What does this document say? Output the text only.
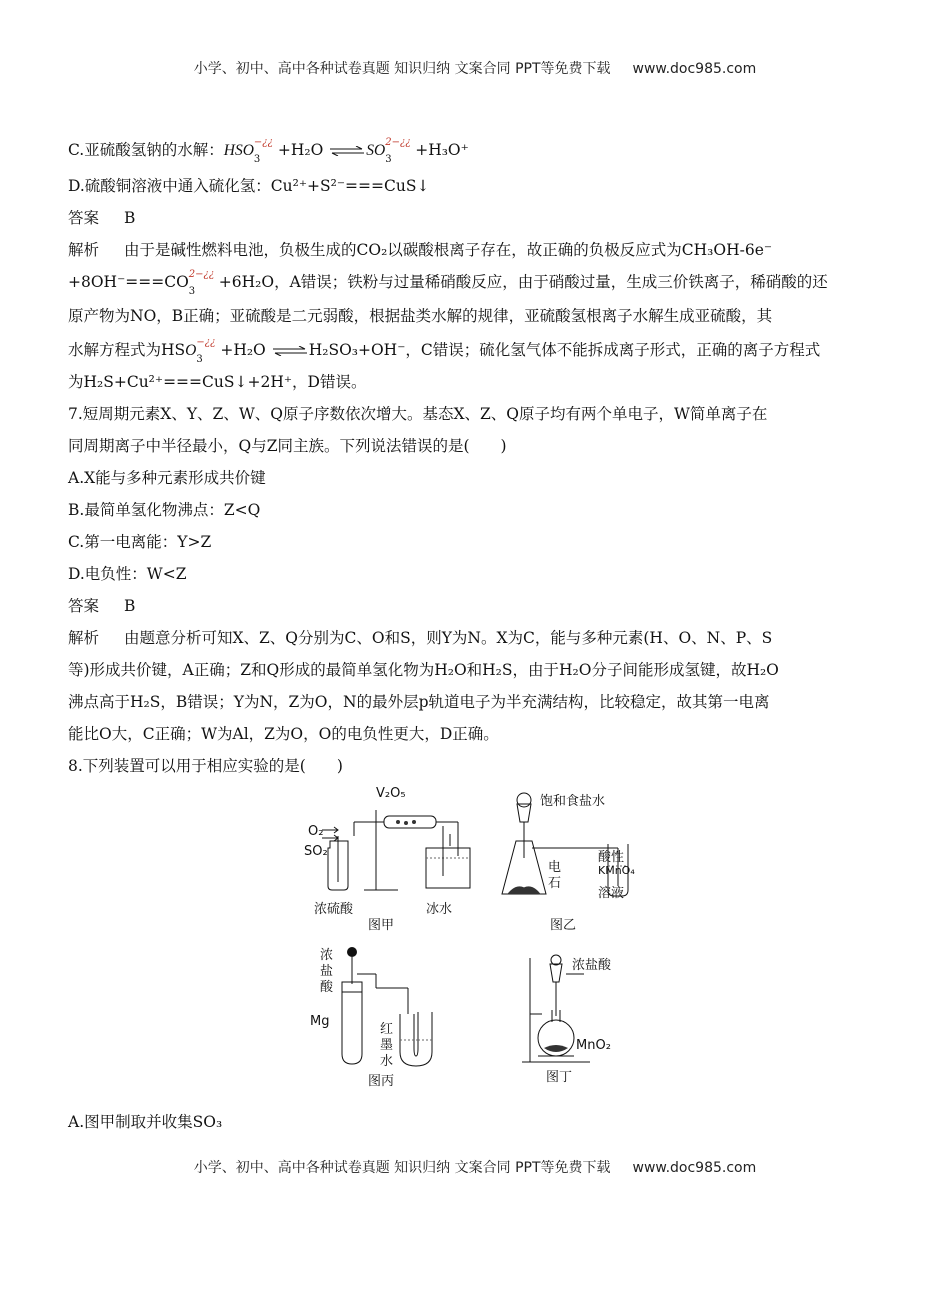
小学、初中、高中各种试卷真题 知识归纳 文案合同 PPT等免费下载 www.doc985.com
C.亚硫酸氢钠的水解：HSO −¿¿
3
+H₂O ⇌ SO 2−¿¿
3
+H₃O⁺
D.硫酸铜溶液中通入硫化氢：Cu²⁺+S²⁻===CuS↓
答案 B
解析 由于是碱性燃料电池，负极生成的CO₂以碳酸根离子存在，故正确的负极反应式为CH₃OH-6e⁻
+8OH⁻===CO 2−¿¿
3
+6H₂O，A错误；铁粉与过量稀硝酸反应，由于硝酸过量，生成三价铁离子，稀硝酸的还
原产物为NO，B正确；亚硫酸是二元弱酸，根据盐类水解的规律，亚硫酸氢根离子水解生成亚硫酸，其
水解方程式为HSO −¿¿
3
+H₂O ⇌ H₂SO₃+OH⁻，C错误；硫化氢气体不能拆成离子形式，正确的离子方程式
为H₂S+Cu²⁺===CuS↓+2H⁺，D错误。
7.短周期元素X、Y、Z、W、Q原子序数依次增大。基态X、Z、Q原子均有两个单电子，W简单离子在
同周期离子中半径最小，Q与Z同主族。下列说法错误的是(　　)
A.X能与多种元素形成共价键
B.最简单氢化物沸点：Z<Q
C.第一电离能：Y>Z
D.电负性：W<Z
答案 B
解析 由题意分析可知X、Z、Q分别为C、O和S，则Y为N。X为C，能与多种元素(H、O、N、P、S
等)形成共价键，A正确；Z和Q形成的最简单氢化物为H₂O和H₂S，由于H₂O分子间能形成氢键，故H₂O
沸点高于H₂S，B错误；Y为N，Z为O，N的最外层p轨道电子为半充满结构，比较稳定，故其第一电离
能比O大，C正确；W为Al，Z为O，O的电负性更大，D正确。
8.下列装置可以用于相应实验的是(　　)
O₂
SO₂
V₂O₅
浓硫酸	冰水
图甲
饱和食盐水
电
石
酸性
KMnO₄
溶液
图乙
浓
盐
酸
Mg
红
墨
水
图丙
浓盐酸
MnO₂
图丁
A.图甲制取并收集SO₃
小学、初中、高中各种试卷真题 知识归纳 文案合同 PPT等免费下载 www.doc985.com
